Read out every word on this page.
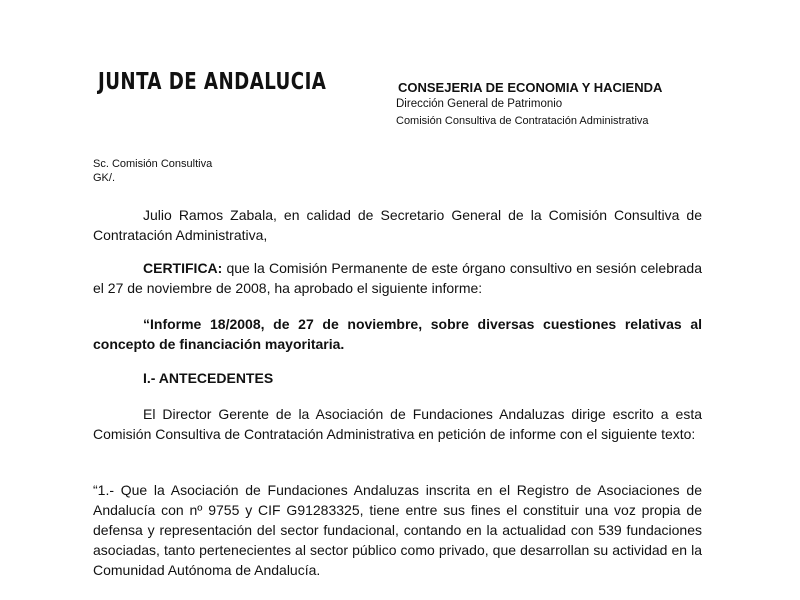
JUNTA DE ANDALUCIA	CONSEJERIA DE ECONOMIA Y HACIENDA
Dirección General de Patrimonio
Comisión Consultiva de Contratación Administrativa
Sc. Comisión Consultiva
GK/.
Julio Ramos Zabala, en calidad de Secretario General de la Comisión Consultiva de Contratación Administrativa,
CERTIFICA: que la Comisión Permanente de este órgano consultivo en sesión celebrada el 27 de noviembre de 2008, ha aprobado el siguiente informe:
“Informe 18/2008, de 27 de noviembre, sobre diversas cuestiones relativas al concepto de financiación mayoritaria.
I.- ANTECEDENTES
El Director Gerente de la Asociación de Fundaciones Andaluzas dirige escrito a esta Comisión Consultiva de Contratación Administrativa en petición de informe con el siguiente texto:
“1.- Que la Asociación de Fundaciones Andaluzas inscrita en el Registro de Asociaciones de Andalucía con nº 9755 y CIF G91283325, tiene entre sus fines el constituir una voz propia de defensa y representación del sector fundacional, contando en la actualidad con 539 fundaciones asociadas, tanto pertenecientes al sector público como privado, que desarrollan su actividad en la Comunidad Autónoma de Andalucía.
